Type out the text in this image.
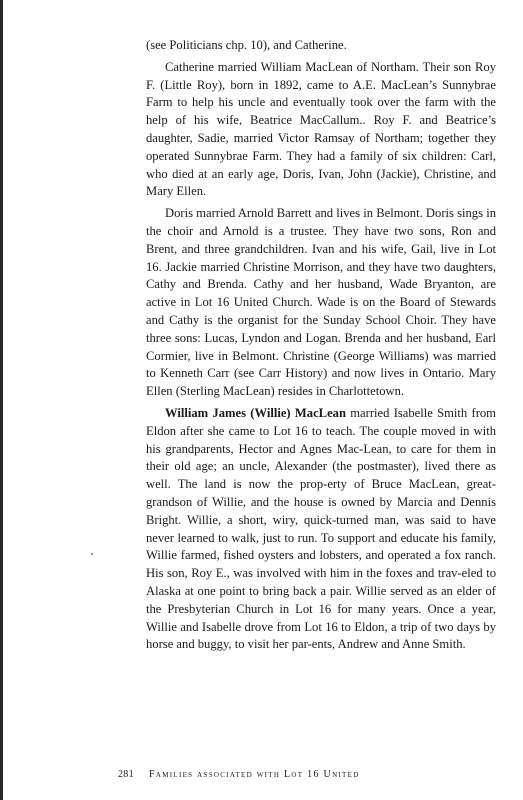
(see Politicians chp. 10), and Catherine.

Catherine married William MacLean of Northam. Their son Roy F. (Little Roy), born in 1892, came to A.E. MacLean’s Sunnybrae Farm to help his uncle and eventually took over the farm with the help of his wife, Beatrice MacCallum.. Roy F. and Beatrice’s daughter, Sadie, married Victor Ramsay of Northam; together they operated Sunnybrae Farm. They had a family of six children: Carl, who died at an early age, Doris, Ivan, John (Jackie), Christine, and Mary Ellen.

Doris married Arnold Barrett and lives in Belmont. Doris sings in the choir and Arnold is a trustee. They have two sons, Ron and Brent, and three grandchildren. Ivan and his wife, Gail, live in Lot 16. Jackie married Christine Morrison, and they have two daughters, Cathy and Brenda. Cathy and her husband, Wade Bryanton, are active in Lot 16 United Church. Wade is on the Board of Stewards and Cathy is the organist for the Sunday School Choir. They have three sons: Lucas, Lyndon and Logan. Brenda and her husband, Earl Cormier, live in Belmont. Christine (George Williams) was married to Kenneth Carr (see Carr History) and now lives in Ontario. Mary Ellen (Sterling MacLean) resides in Charlottetown.

William James (Willie) MacLean married Isabelle Smith from Eldon after she came to Lot 16 to teach. The couple moved in with his grandparents, Hector and Agnes Mac-Lean, to care for them in their old age; an uncle, Alexander (the postmaster), lived there as well. The land is now the prop-erty of Bruce MacLean, great-grandson of Willie, and the house is owned by Marcia and Dennis Bright. Willie, a short, wiry, quick-turned man, was said to have never learned to walk, just to run. To support and educate his family, Willie farmed, fished oysters and lobsters, and operated a fox ranch. His son, Roy E., was involved with him in the foxes and trav-eled to Alaska at one point to bring back a pair. Willie served as an elder of the Presbyterian Church in Lot 16 for many years. Once a year, Willie and Isabelle drove from Lot 16 to Eldon, a trip of two days by horse and buggy, to visit her par-ents, Andrew and Anne Smith.

281 Families associated with Lot 16 United
